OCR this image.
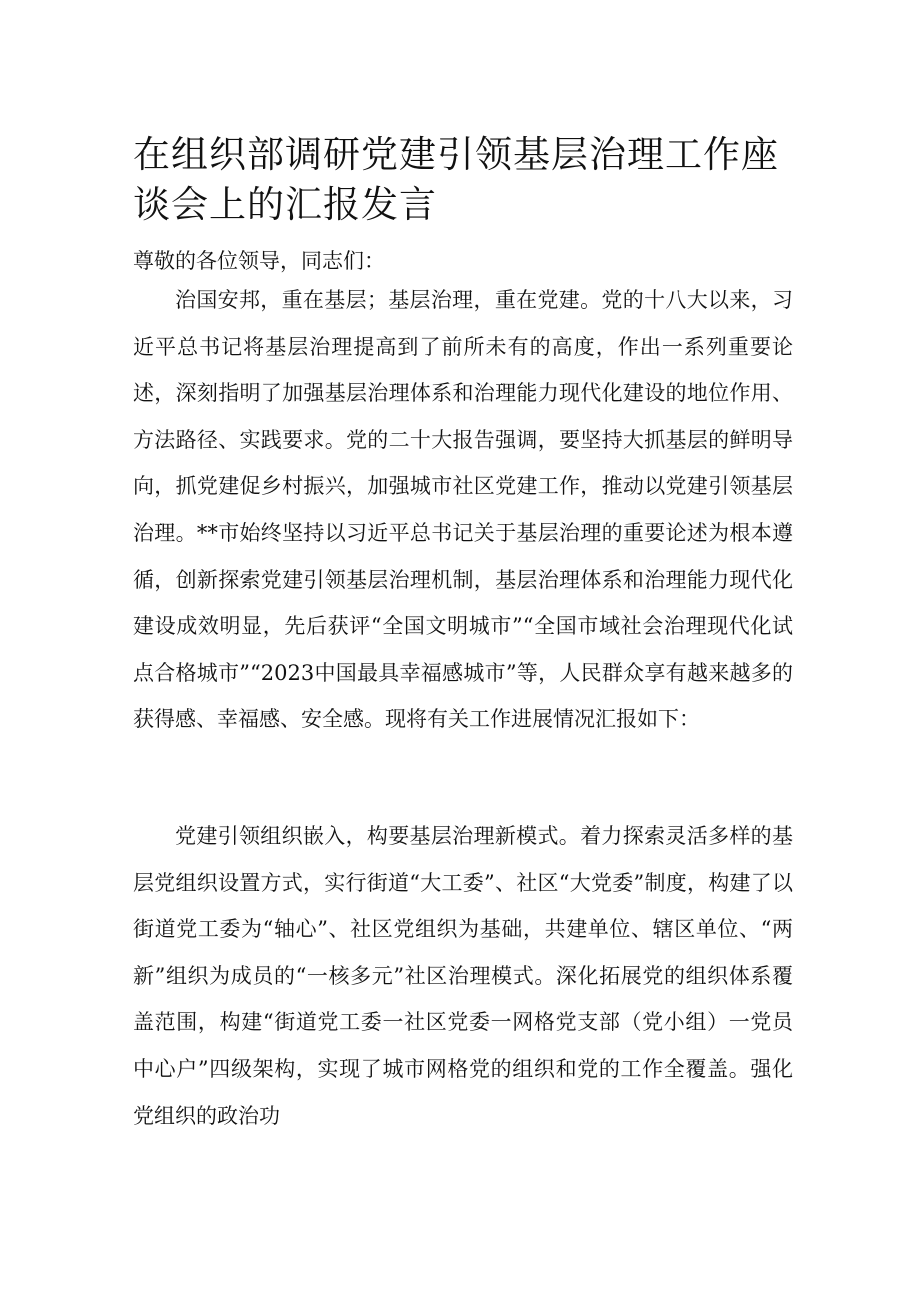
在组织部调研党建引领基层治理工作座谈会上的汇报发言

尊敬的各位领导，同志们：

治国安邦，重在基层；基层治理，重在党建。党的十八大以来，习近平总书记将基层治理提高到了前所未有的高度，作出一系列重要论述，深刻指明了加强基层治理体系和治理能力现代化建设的地位作用、方法路径、实践要求。党的二十大报告强调，要坚持大抓基层的鲜明导向，抓党建促乡村振兴，加强城市社区党建工作，推动以党建引领基层治理。**市始终坚持以习近平总书记关于基层治理的重要论述为根本遵循，创新探索党建引领基层治理机制，基层治理体系和治理能力现代化建设成效明显，先后获评“全国文明城市”“全国市域社会治理现代化试点合格城市”“2023中国最具幸福感城市”等，人民群众享有越来越多的获得感、幸福感、安全感。现将有关工作进展情况汇报如下：

党建引领组织嵌入，构要基层治理新模式。着力探索灵活多样的基层党组织设置方式，实行街道“大工委”、社区“大党委”制度，构建了以街道党工委为“轴心”、社区党组织为基础，共建单位、辖区单位、“两新”组织为成员的“一核多元”社区治理模式。深化拓展党的组织体系覆盖范围，构建“街道党工委一社区党委一网格党支部（党小组）一党员中心户”四级架构，实现了城市网格党的组织和党的工作全覆盖。强化党组织的政治功
